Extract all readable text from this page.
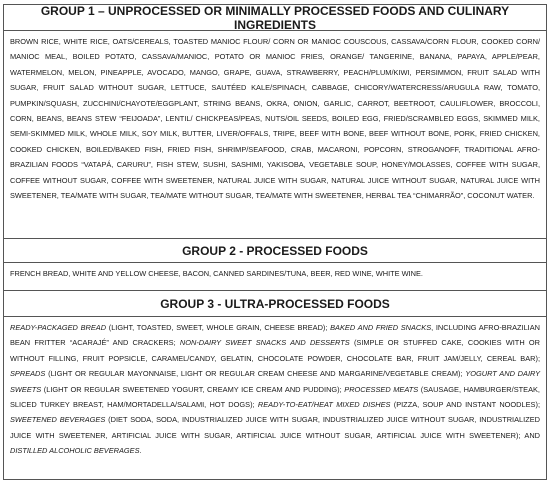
GROUP 1 – UNPROCESSED OR MINIMALLY PROCESSED FOODS AND CULINARY INGREDIENTS
BROWN RICE, WHITE RICE, OATS/CEREALS, TOASTED MANIOC FLOUR/ CORN OR MANIOC COUSCOUS, CASSAVA/CORN FLOUR, COOKED CORN/ MANIOC MEAL, BOILED POTATO, CASSAVA/MANIOC, POTATO OR MANIOC FRIES, ORANGE/ TANGERINE, BANANA, PAPAYA, APPLE/PEAR, WATERMELON, MELON, PINEAPPLE, AVOCADO, MANGO, GRAPE, GUAVA, STRAWBERRY, PEACH/PLUM/KIWI, PERSIMMON, FRUIT SALAD WITH SUGAR, FRUIT SALAD WITHOUT SUGAR, LETTUCE, SAUTÉED KALE/SPINACH, CABBAGE, CHICORY/WATERCRESS/ARUGULA RAW, TOMATO, PUMPKIN/SQUASH, ZUCCHINI/CHAYOTE/EGGPLANT, STRING BEANS, OKRA, ONION, GARLIC, CARROT, BEETROOT, CAULIFLOWER, BROCCOLI, CORN, BEANS, BEANS STEW “FEIJOADA”, LENTIL/ CHICKPEAS/PEAS, NUTS/OIL SEEDS, BOILED EGG, FRIED/SCRAMBLED EGGS, SKIMMED MILK, SEMI-SKIMMED MILK, WHOLE MILK, SOY MILK, BUTTER, LIVER/OFFALS, TRIPE, BEEF WITH BONE, BEEF WITHOUT BONE, PORK, FRIED CHICKEN, COOKED CHICKEN, BOILED/BAKED FISH, FRIED FISH, SHRIMP/SEAFOOD, CRAB, MACARONI, POPCORN, STROGANOFF, TRADITIONAL AFRO-BRAZILIAN FOODS “VATAPÁ, CARURU”, FISH STEW, SUSHI, SASHIMI, YAKISOBA, VEGETABLE SOUP, HONEY/MOLASSES, COFFEE WITH SUGAR, COFFEE WITHOUT SUGAR, COFFEE WITH SWEETENER, NATURAL JUICE WITH SUGAR, NATURAL JUICE WITHOUT SUGAR, NATURAL JUICE WITH SWEETENER, TEA/MATE WITH SUGAR, TEA/MATE WITHOUT SUGAR, TEA/MATE WITH SWEETENER, HERBAL TEA “CHIMARRÃO”, COCONUT WATER.
GROUP 2 - PROCESSED FOODS
FRENCH BREAD, WHITE AND YELLOW CHEESE, BACON, CANNED SARDINES/TUNA, BEER, RED WINE, WHITE WINE.
GROUP 3 - ULTRA-PROCESSED FOODS
READY-PACKAGED BREAD (LIGHT, TOASTED, SWEET, WHOLE GRAIN, CHEESE BREAD); BAKED AND FRIED SNACKS, INCLUDING AFRO-BRAZILIAN BEAN FRITTER “ACARAJÉ” AND CRACKERS; NON-DAIRY SWEET SNACKS AND DESSERTS (SIMPLE OR STUFFED CAKE, COOKIES WITH OR WITHOUT FILLING, FRUIT POPSICLE, CARAMEL/CANDY, GELATIN, CHOCOLATE POWDER, CHOCOLATE BAR, FRUIT JAM/JELLY, CEREAL BAR); SPREADS (LIGHT OR REGULAR MAYONNAISE, LIGHT OR REGULAR CREAM CHEESE AND MARGARINE/VEGETABLE CREAM); YOGURT AND DAIRY SWEETS (LIGHT OR REGULAR SWEETENED YOGURT, CREAMY ICE CREAM AND PUDDING); PROCESSED MEATS (SAUSAGE, HAMBURGER/STEAK, SLICED TURKEY BREAST, HAM/MORTADELLA/SALAMI, HOT DOGS); READY-TO-EAT/HEAT MIXED DISHES (PIZZA, SOUP AND INSTANT NOODLES); SWEETENED BEVERAGES (DIET SODA, SODA, INDUSTRIALIZED JUICE WITH SUGAR, INDUSTRIALIZED JUICE WITHOUT SUGAR, INDUSTRIALIZED JUICE WITH SWEETENER, ARTIFICIAL JUICE WITH SUGAR, ARTIFICIAL JUICE WITHOUT SUGAR, ARTIFICIAL JUICE WITH SWEETENER); AND DISTILLED ALCOHOLIC BEVERAGES.
